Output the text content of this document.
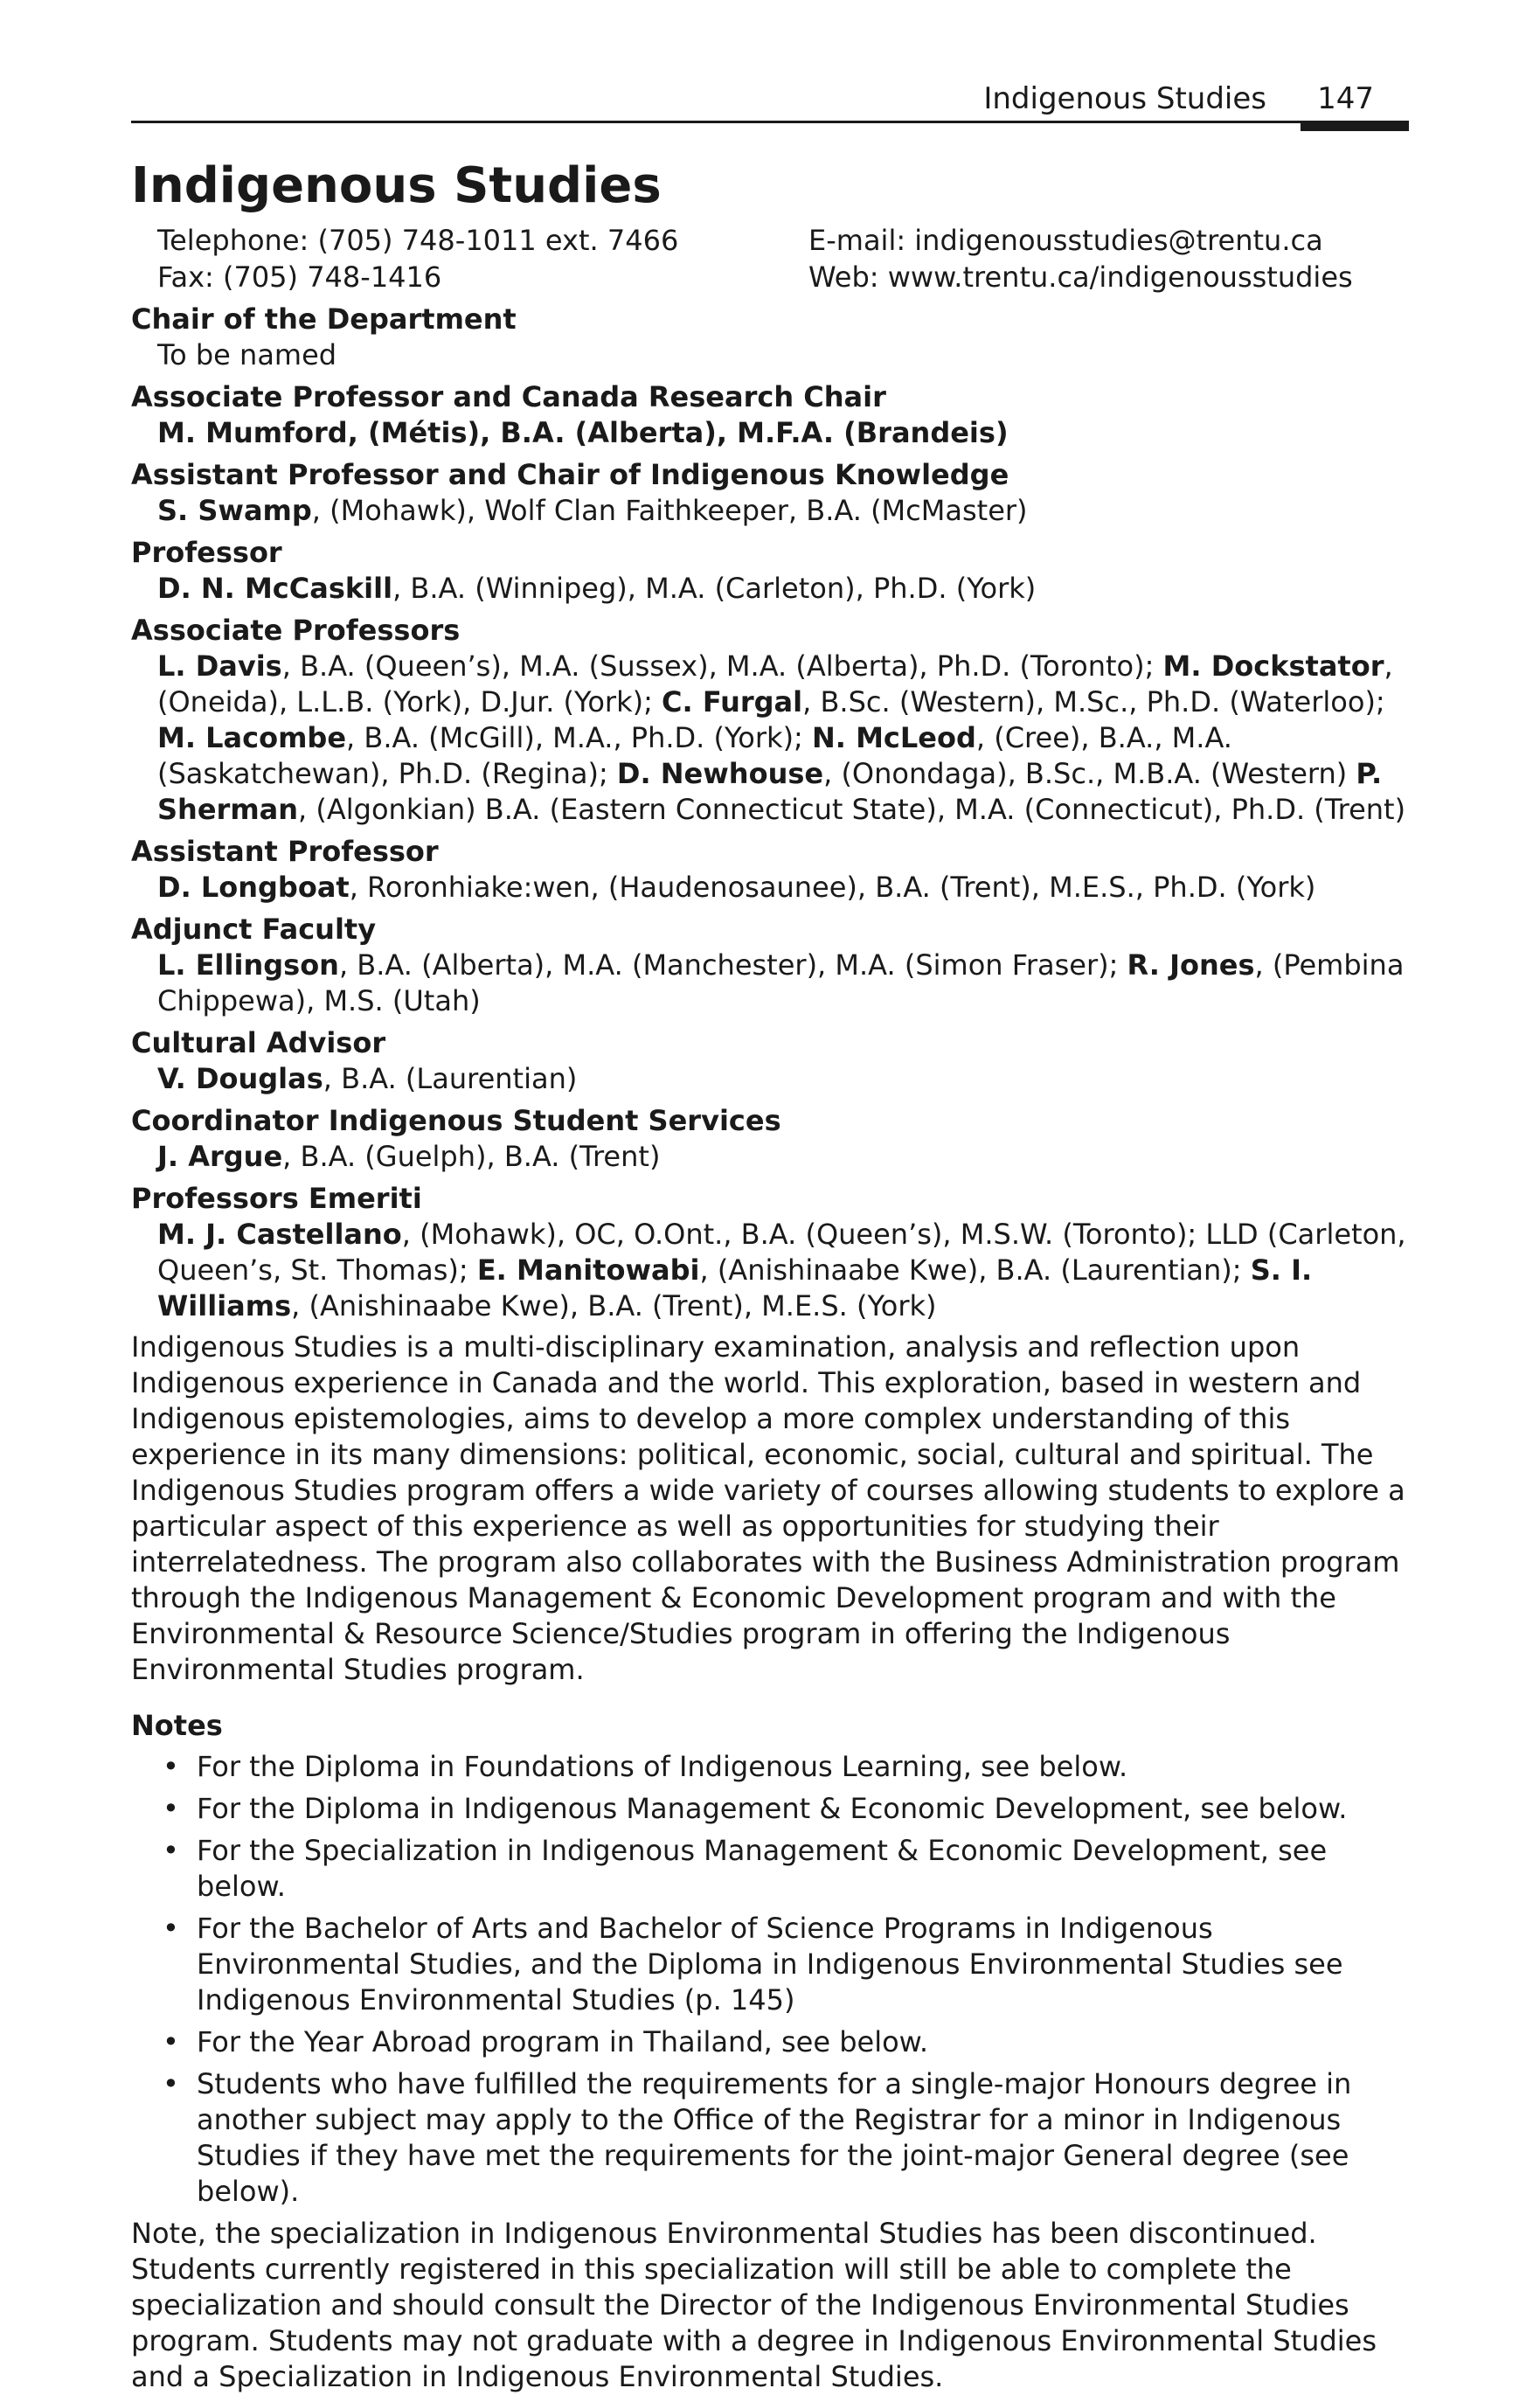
Indigenous Studies 147
Indigenous Studies
Telephone: (705) 748-1011 ext. 7466	E-mail: indigenousstudies@trentu.ca
Fax: (705) 748-1416	Web: www.trentu.ca/indigenousstudies
Chair of the Department
To be named
Associate Professor and Canada Research Chair
M. Mumford, (Métis), B.A. (Alberta), M.F.A. (Brandeis)
Assistant Professor and Chair of Indigenous Knowledge
S. Swamp, (Mohawk), Wolf Clan Faithkeeper, B.A. (McMaster)
Professor
D. N. McCaskill, B.A. (Winnipeg), M.A. (Carleton), Ph.D. (York)
Associate Professors
L. Davis, B.A. (Queen’s), M.A. (Sussex), M.A. (Alberta), Ph.D. (Toronto); M. Dockstator, (Oneida), L.L.B. (York), D.Jur. (York); C. Furgal, B.Sc. (Western), M.Sc., Ph.D. (Waterloo); M. Lacombe, B.A. (McGill), M.A., Ph.D. (York); N. McLeod, (Cree), B.A., M.A. (Saskatchewan), Ph.D. (Regina); D. Newhouse, (Onondaga), B.Sc., M.B.A. (Western) P. Sherman, (Algonkian) B.A. (Eastern Connecticut State), M.A. (Connecticut), Ph.D. (Trent)
Assistant Professor
D. Longboat, Roronhiake:wen, (Haudenosaunee), B.A. (Trent), M.E.S., Ph.D. (York)
Adjunct Faculty
L. Ellingson, B.A. (Alberta), M.A. (Manchester), M.A. (Simon Fraser); R. Jones, (Pembina Chippewa), M.S. (Utah)
Cultural Advisor
V. Douglas, B.A. (Laurentian)
Coordinator Indigenous Student Services
J. Argue, B.A. (Guelph), B.A. (Trent)
Professors Emeriti
M. J. Castellano, (Mohawk), OC, O.Ont., B.A. (Queen’s), M.S.W. (Toronto); LLD (Carleton, Queen’s, St. Thomas); E. Manitowabi, (Anishinaabe Kwe), B.A. (Laurentian); S. I. Williams, (Anishinaabe Kwe), B.A. (Trent), M.E.S. (York)
Indigenous Studies is a multi-disciplinary examination, analysis and reflection upon Indigenous experience in Canada and the world. This exploration, based in western and Indigenous epistemologies, aims to develop a more complex understanding of this experience in its many dimensions: political, economic, social, cultural and spiritual. The Indigenous Studies program offers a wide variety of courses allowing students to explore a particular aspect of this experience as well as opportunities for studying their interrelatedness. The program also collaborates with the Business Administration program through the Indigenous Management & Economic Development program and with the Environmental & Resource Science/Studies program in offering the Indigenous Environmental Studies program.
Notes
• For the Diploma in Foundations of Indigenous Learning, see below.
• For the Diploma in Indigenous Management & Economic Development, see below.
• For the Specialization in Indigenous Management & Economic Development, see below.
• For the Bachelor of Arts and Bachelor of Science Programs in Indigenous Environmental Studies, and the Diploma in Indigenous Environmental Studies see Indigenous Environmental Studies (p. 145)
• For the Year Abroad program in Thailand, see below.
• Students who have fulfilled the requirements for a single-major Honours degree in another subject may apply to the Office of the Registrar for a minor in Indigenous Studies if they have met the requirements for the joint-major General degree (see below).
Note, the specialization in Indigenous Environmental Studies has been discontinued. Students currently registered in this specialization will still be able to complete the specialization and should consult the Director of the Indigenous Environmental Studies program. Students may not graduate with a degree in Indigenous Environmental Studies and a Specialization in Indigenous Environmental Studies.
